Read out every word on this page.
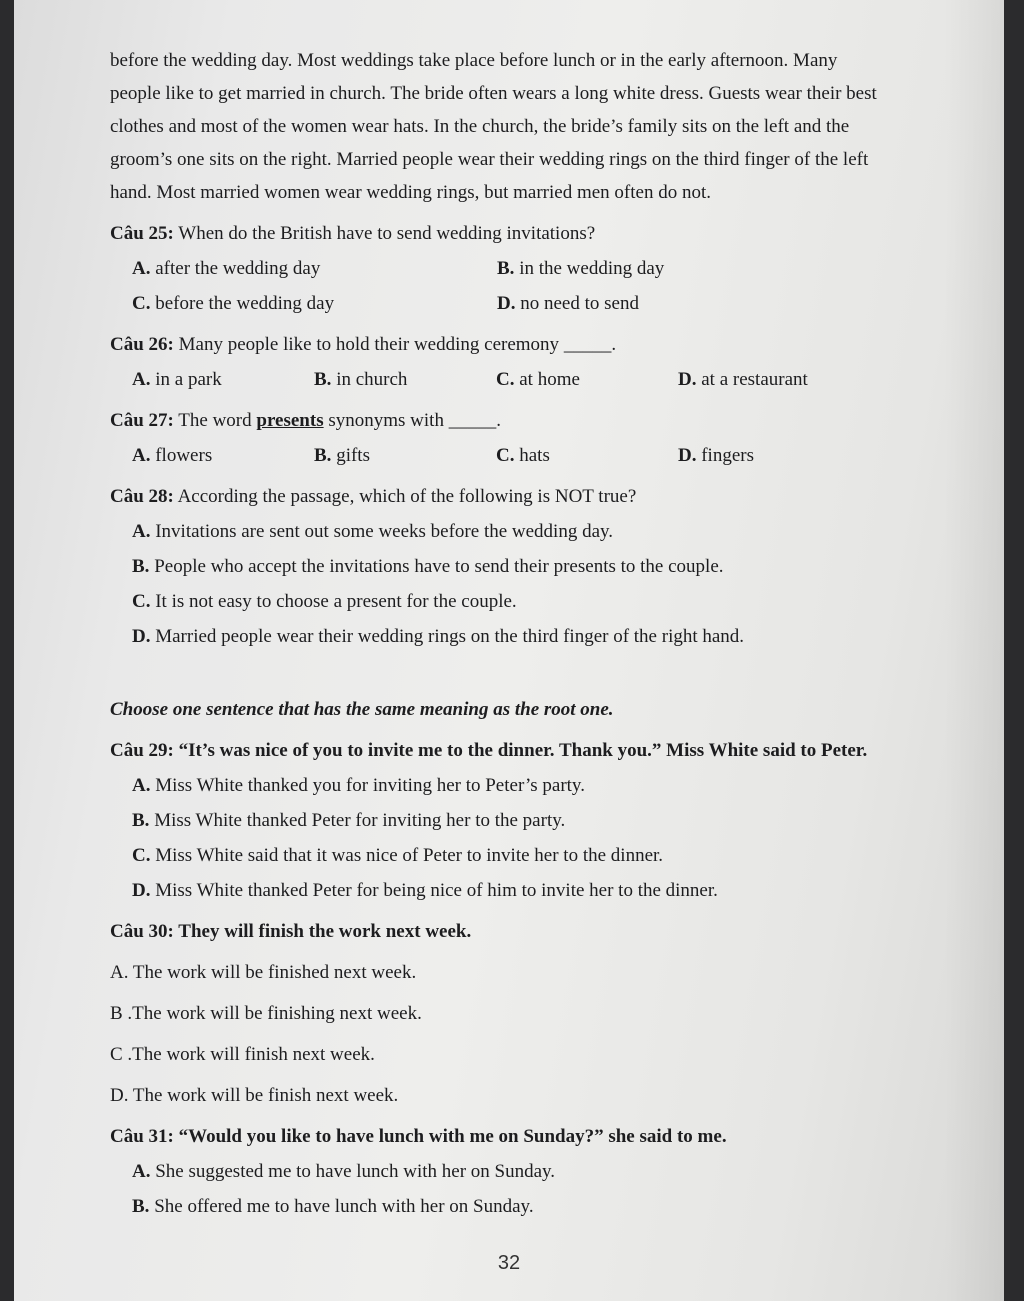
before the wedding day. Most weddings take place before lunch or in the early afternoon. Many

people like to get married in church. The bride often wears a long white dress. Guests wear their best

clothes and most of the women wear hats. In the church, the bride’s family sits on the left and the

groom’s one sits on the right. Married people wear their wedding rings on the third finger of the left

hand. Most married women wear wedding rings, but married men often do not.

Câu 25: When do the British have to send wedding invitations?
A. after the wedding day	B. in the wedding day
C. before the wedding day	D. no need to send
Câu 26: Many people like to hold their wedding ceremony _____.
A. in a park	B. in church	C. at home	D. at a restaurant
Câu 27: The word presents synonyms with _____.
A. flowers	B. gifts	C. hats	D. fingers
Câu 28: According the passage, which of the following is NOT true?
A. Invitations are sent out some weeks before the wedding day.
B. People who accept the invitations have to send their presents to the couple.
C. It is not easy to choose a present for the couple.
D. Married people wear their wedding rings on the third finger of the right hand.
Choose one sentence that has the same meaning as the root one.
Câu 29: “It’s was nice of you to invite me to the dinner. Thank you.” Miss White said to Peter.
A. Miss White thanked you for inviting her to Peter’s party.
B. Miss White thanked Peter for inviting her to the party.
C. Miss White said that it was nice of Peter to invite her to the dinner.
D. Miss White thanked Peter for being nice of him to invite her to the dinner.
Câu 30: They will finish the work next week.
A. The work will be finished next week.
B .The work will be finishing next week.
C .The work will finish next week.
D. The work will be finish next week.
Câu 31: “Would you like to have lunch with me on Sunday?” she said to me.
A. She suggested me to have lunch with her on Sunday.
B. She offered me to have lunch with her on Sunday.
32
